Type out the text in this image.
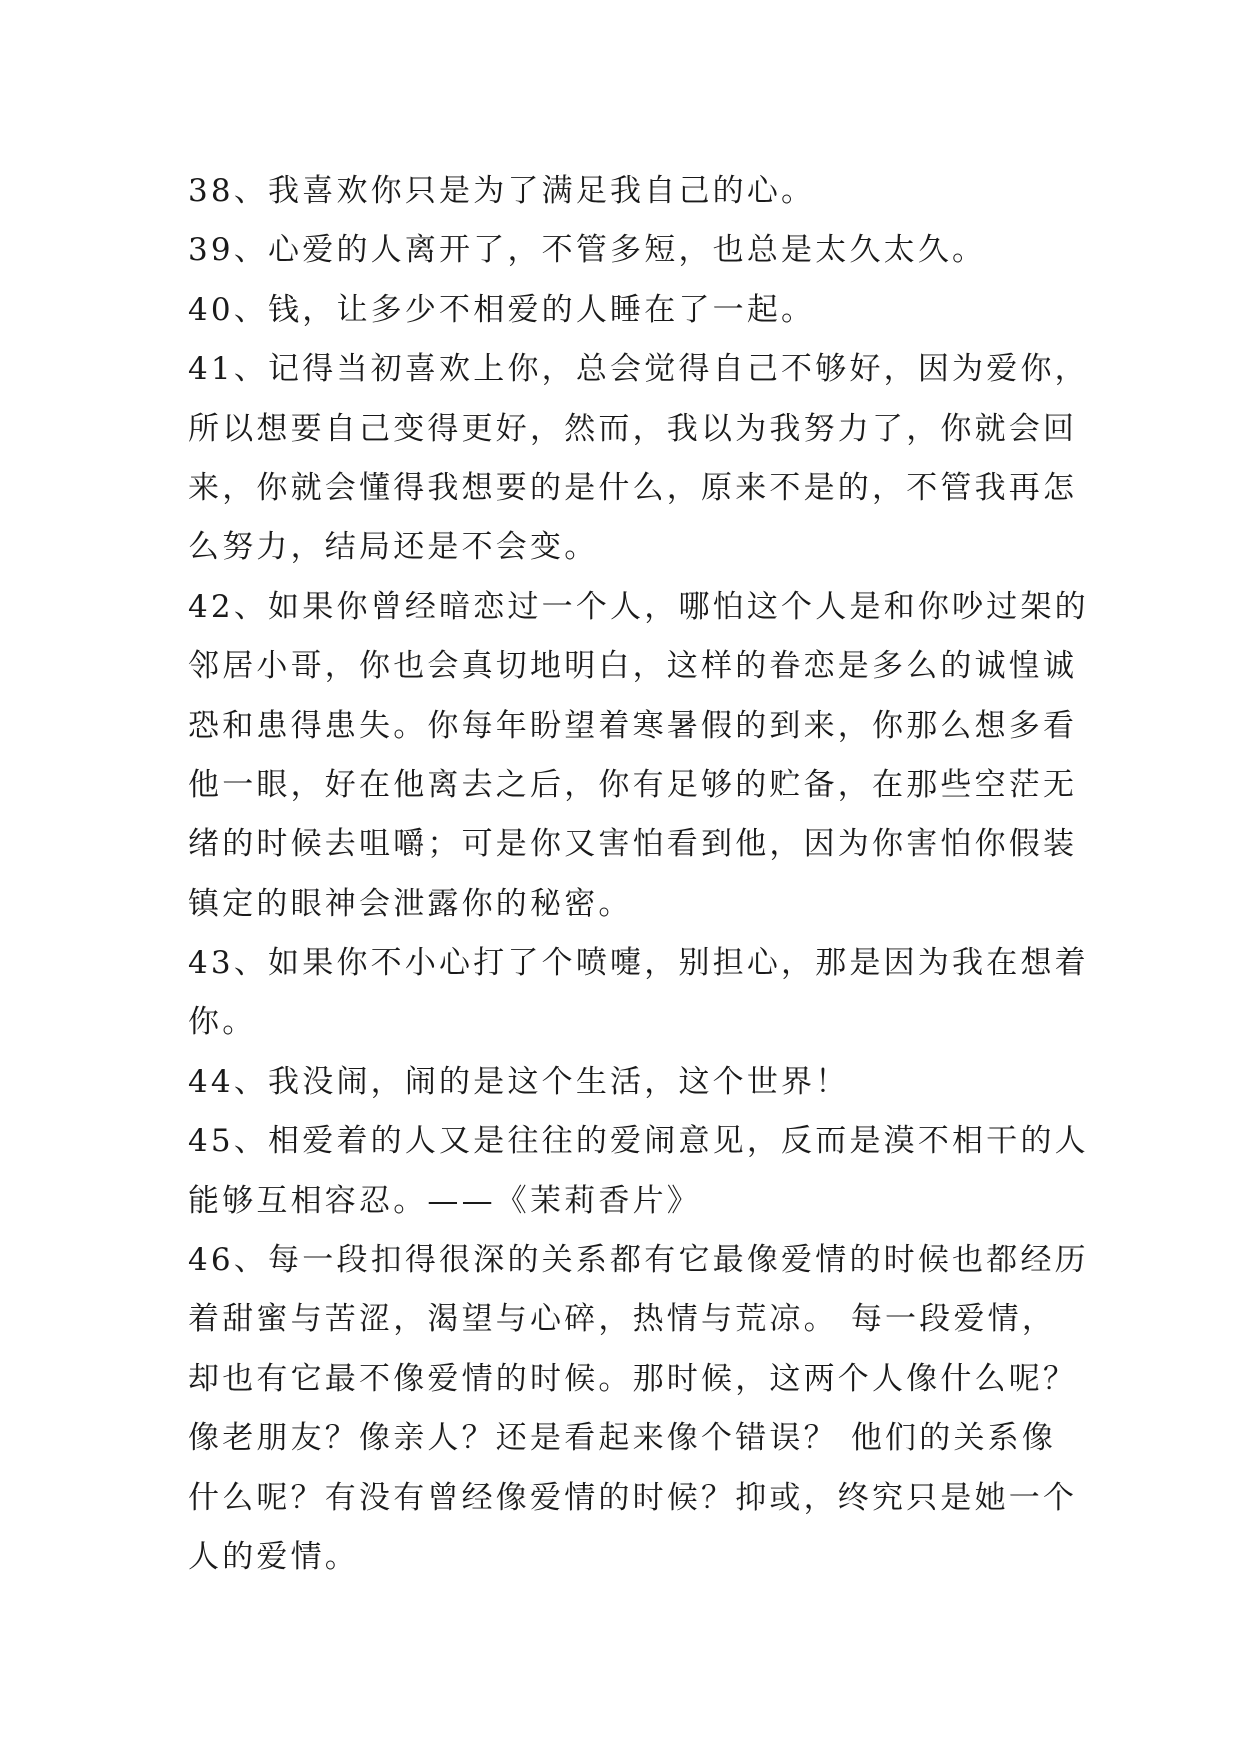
38、我喜欢你只是为了满足我自己的心。
39、心爱的人离开了，不管多短，也总是太久太久。
40、钱，让多少不相爱的人睡在了一起。
41、记得当初喜欢上你，总会觉得自己不够好，因为爱你，
所以想要自己变得更好，然而，我以为我努力了，你就会回
来，你就会懂得我想要的是什么，原来不是的，不管我再怎
么努力，结局还是不会变。
42、如果你曾经暗恋过一个人，哪怕这个人是和你吵过架的
邻居小哥，你也会真切地明白，这样的眷恋是多么的诚惶诚
恐和患得患失。你每年盼望着寒暑假的到来，你那么想多看
他一眼，好在他离去之后，你有足够的贮备，在那些空茫无
绪的时候去咀嚼；可是你又害怕看到他，因为你害怕你假装
镇定的眼神会泄露你的秘密。
43、如果你不小心打了个喷嚏，别担心，那是因为我在想着
你。
44、我没闹，闹的是这个生活，这个世界！
45、相爱着的人又是往往的爱闹意见，反而是漠不相干的人
能够互相容忍。——《茉莉香片》
46、每一段扣得很深的关系都有它最像爱情的时候也都经历
着甜蜜与苦涩，渴望与心碎，热情与荒凉。 每一段爱情，
却也有它最不像爱情的时候。那时候，这两个人像什么呢？
像老朋友？像亲人？还是看起来像个错误？ 他们的关系像
什么呢？有没有曾经像爱情的时候？抑或，终究只是她一个
人的爱情。
